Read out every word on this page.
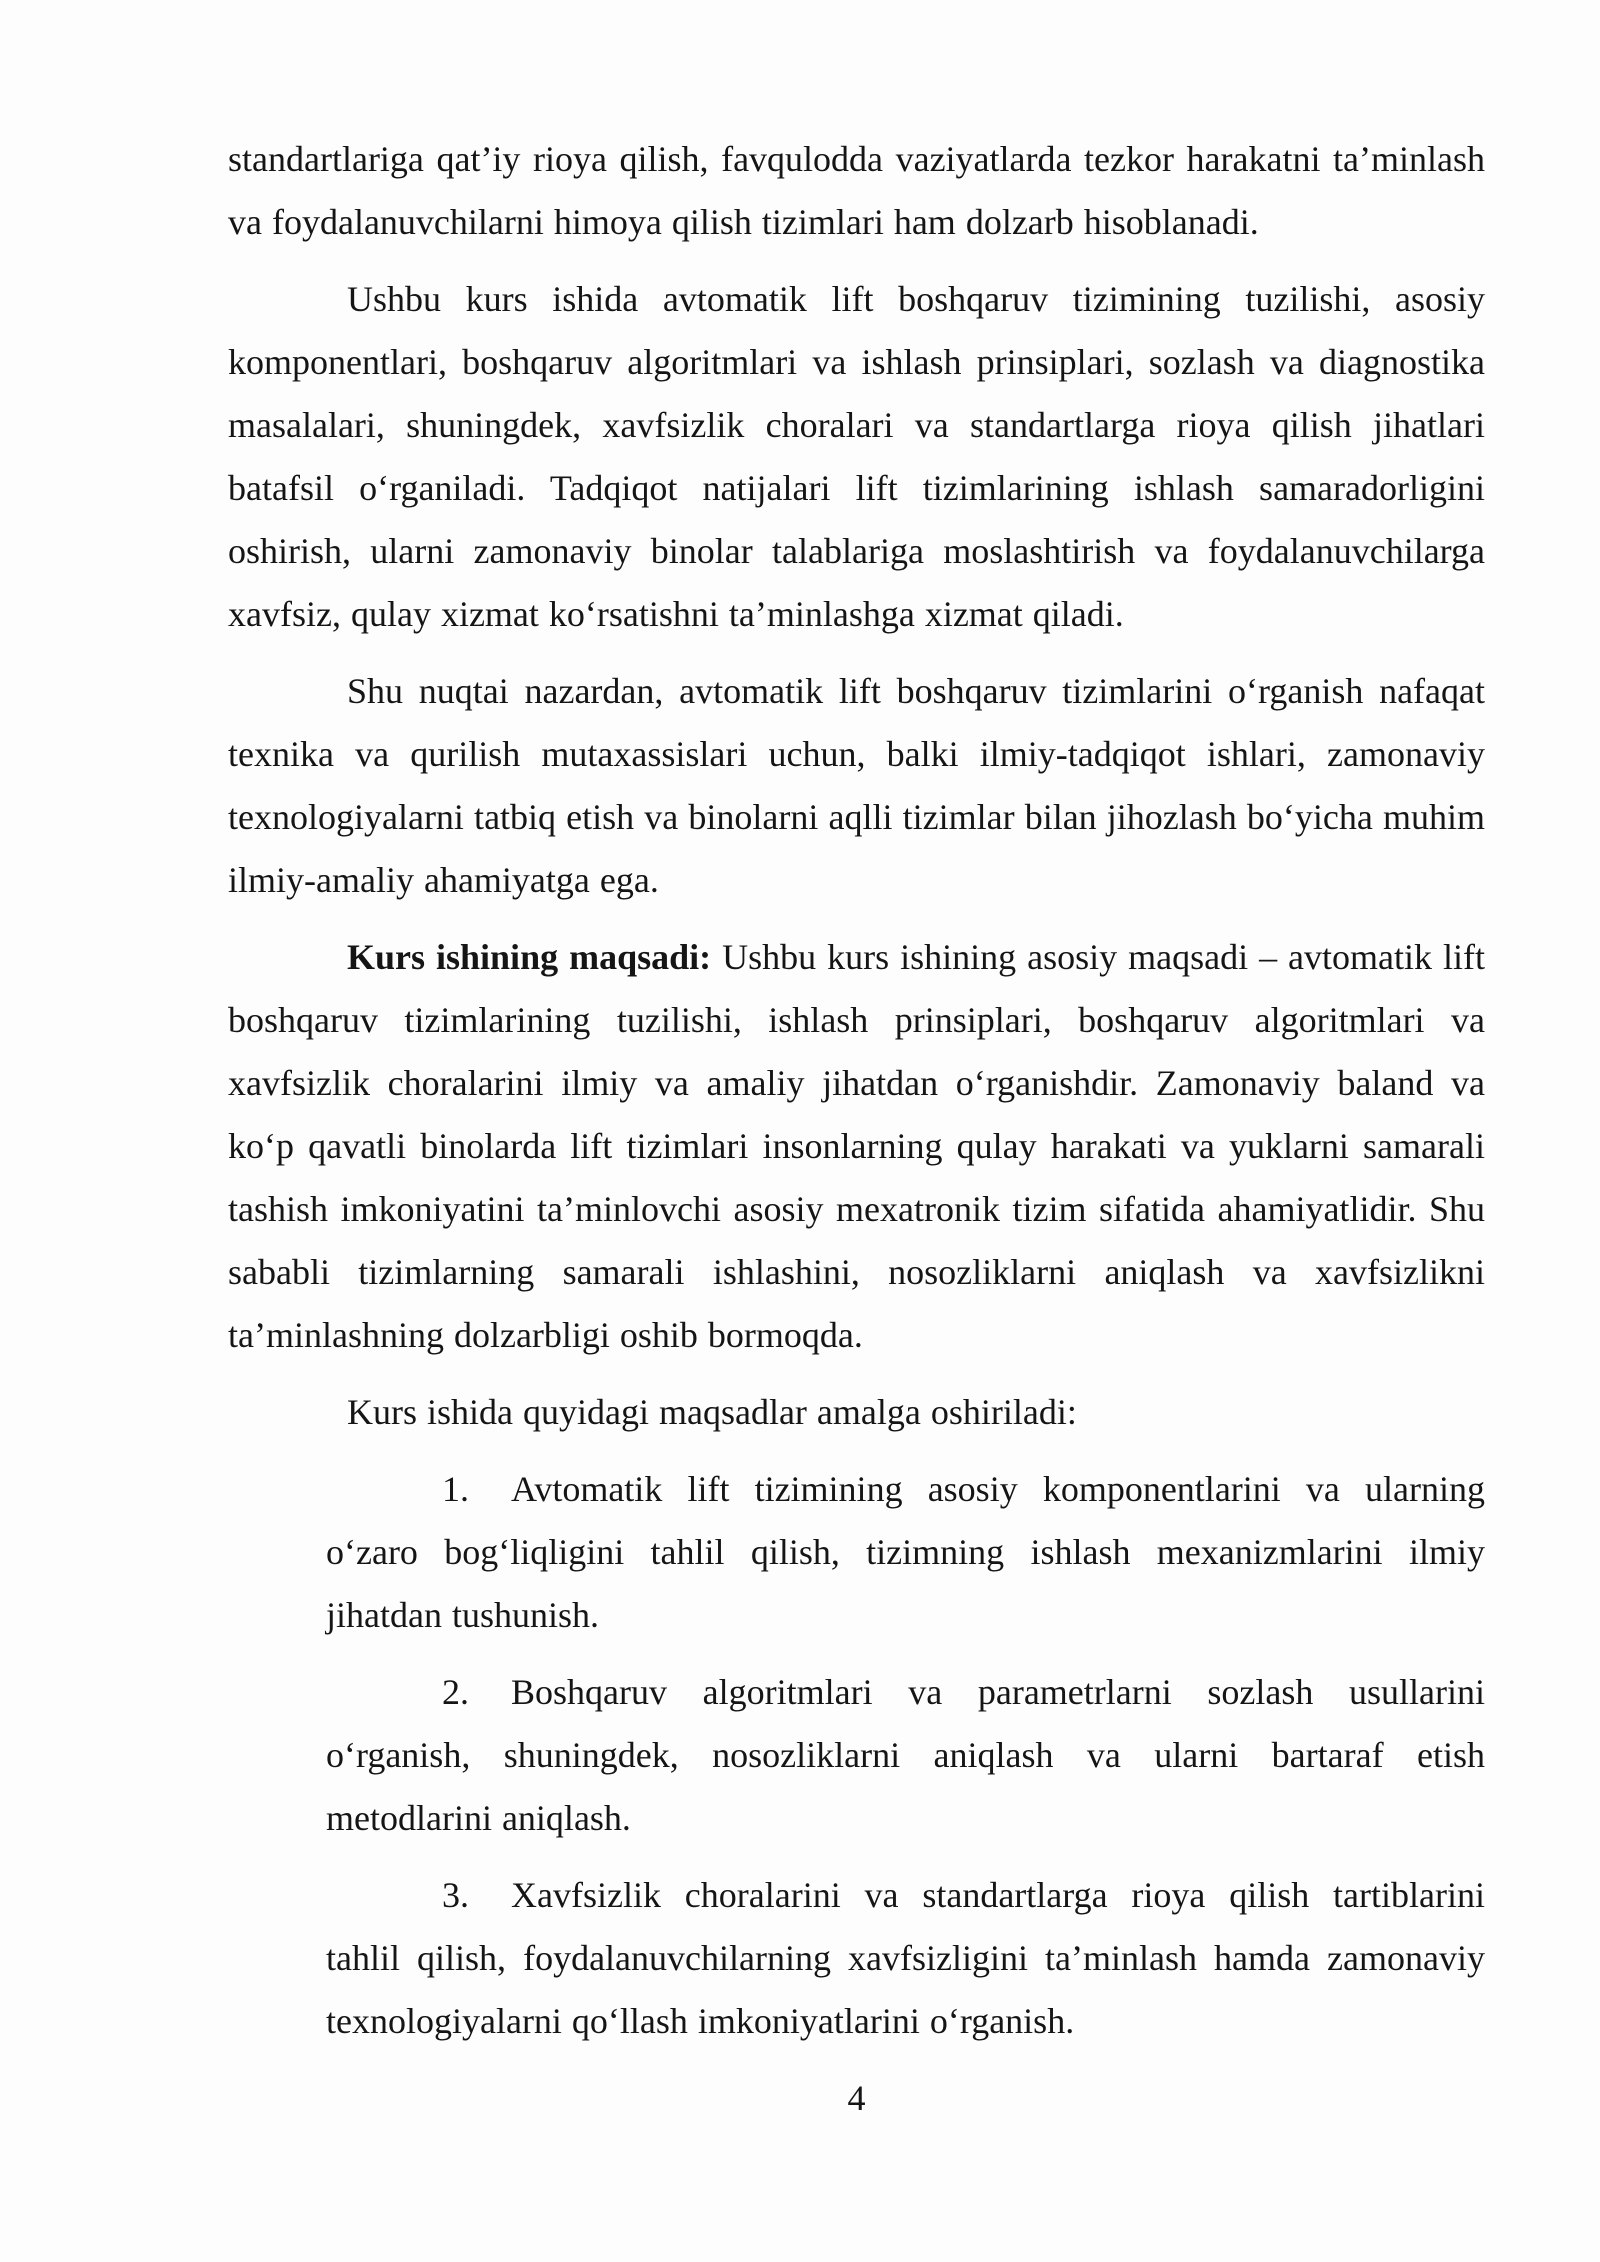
standartlariga qat’iy rioya qilish, favqulodda vaziyatlarda tezkor harakatni ta’minlash va foydalanuvchilarni himoya qilish tizimlari ham dolzarb hisoblanadi.

Ushbu kurs ishida avtomatik lift boshqaruv tizimining tuzilishi, asosiy komponentlari, boshqaruv algoritmlari va ishlash prinsiplari, sozlash va diagnostika masalalari, shuningdek, xavfsizlik choralari va standartlarga rioya qilish jihatlari batafsil o‘rganiladi. Tadqiqot natijalari lift tizimlarining ishlash samaradorligini oshirish, ularni zamonaviy binolar talablariga moslashtirish va foydalanuvchilarga xavfsiz, qulay xizmat ko‘rsatishni ta’minlashga xizmat qiladi.

Shu nuqtai nazardan, avtomatik lift boshqaruv tizimlarini o‘rganish nafaqat texnika va qurilish mutaxassislari uchun, balki ilmiy-tadqiqot ishlari, zamonaviy texnologiyalarni tatbiq etish va binolarni aqlli tizimlar bilan jihozlash bo‘yicha muhim ilmiy-amaliy ahamiyatga ega.

Kurs ishining maqsadi: Ushbu kurs ishining asosiy maqsadi – avtomatik lift boshqaruv tizimlarining tuzilishi, ishlash prinsiplari, boshqaruv algoritmlari va xavfsizlik choralarini ilmiy va amaliy jihatdan o‘rganishdir. Zamonaviy baland va ko‘p qavatli binolarda lift tizimlari insonlarning qulay harakati va yuklarni samarali tashish imkoniyatini ta’minlovchi asosiy mexatronik tizim sifatida ahamiyatlidir. Shu sababli tizimlarning samarali ishlashini, nosozliklarni aniqlash va xavfsizlikni ta’minlashning dolzarbligi oshib bormoqda.

Kurs ishida quyidagi maqsadlar amalga oshiriladi:

1. Avtomatik lift tizimining asosiy komponentlarini va ularning o‘zaro bog‘liqligini tahlil qilish, tizimning ishlash mexanizmlarini ilmiy jihatdan tushunish.

2. Boshqaruv algoritmlari va parametrlarni sozlash usullarini o‘rganish, shuningdek, nosozliklarni aniqlash va ularni bartaraf etish metodlarini aniqlash.

3. Xavfsizlik choralarini va standartlarga rioya qilish tartiblarini tahlil qilish, foydalanuvchilarning xavfsizligini ta’minlash hamda zamonaviy texnologiyalarni qo‘llash imkoniyatlarini o‘rganish.

4
